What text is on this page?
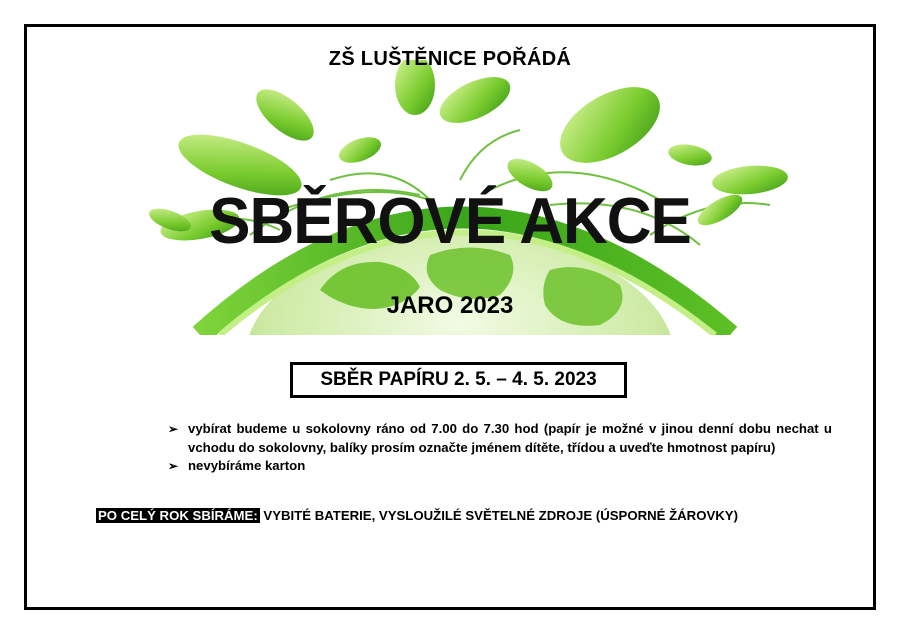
ZŠ LUŠTĚNICE POŘÁDÁ
SBĚROVÉ AKCE
JARO 2023
SBĚR PAPÍRU 2. 5. – 4. 5. 2023
➢ vybírat budeme u sokolovny ráno od 7.00 do 7.30 hod (papír je možné v jinou denní dobu nechat u vchodu do sokolovny, balíky prosím označte jménem dítěte, třídou a uveďte hmotnost papíru)
➢ nevybíráme karton
PO CELÝ ROK SBÍRÁME: VYBITÉ BATERIE, VYSLOUŽILÉ SVĚTELNÉ ZDROJE (ÚSPORNÉ ŽÁROVKY)
